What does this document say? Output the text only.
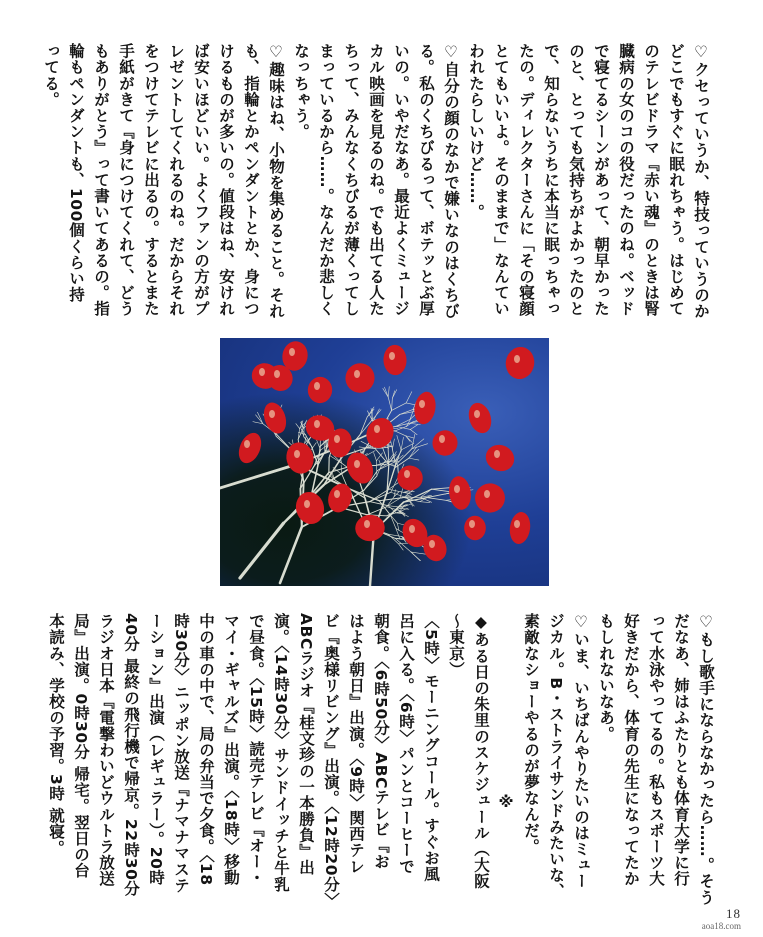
♡クセっていうか、特技っていうのか
どこでもすぐに眠れちゃう。はじめて
のテレビドラマ『赤い魂』のときは腎
臓病の女のコの役だったのね。ベッド
で寝てるシーンがあって、朝早かった
のと、とっても気持ちがよかったのと
で、知らないうちに本当に眠っちゃっ
たの。ディレクターさんに「その寝顔
とてもいいよ。そのままで」なんてい
われたらしいけど……。
♡自分の顔のなかで嫌いなのはくちび
る。私のくちびるって、ボテッとぶ厚
いの。いやだなあ。最近よくミュージ
カル映画を見るのね。でも出てる人た
ちって、みんなくちびるが薄くってし
まっているから……。なんだか悲しく
なっちゃう。
♡趣味はね、小物を集めること。それ
も、指輪とかペンダントとか、身につ
けるものが多いの。値段はね、安けれ
ば安いほどいい。よくファンの方がプ
レゼントしてくれるのね。だからそれ
をつけてテレビに出るの。するとまた
手紙がきて『身につけてくれて、どう
もありがとう』って書いてあるの。指
輪もペンダントも、100個くらい持
ってる。
♡もし歌手にならなかったら……。そう
だなあ、姉はふたりとも体育大学に行
って水泳やってるの。私もスポーツ大
好きだから、体育の先生になってたか
もしれないなあ。
♡いま、いちばんやりたいのはミュー
ジカル。B・ストライサンドみたいな、
素敵なショーやるのが夢なんだ。
※
◆ある日の朱里のスケジュール（大阪
～東京）
〈5時〉モーニングコール。すぐお風
呂に入る。〈6時〉パンとコーヒーで
朝食。〈6時50分〉ABCテレビ『お
はよう朝日』出演。〈9時〉関西テレ
ビ『奥様リビング』出演。〈12時20分〉
ABCラジオ『桂文珍の一本勝負』出
演。〈14時30分〉サンドイッチと牛乳
で昼食。〈15時〉読売テレビ『オー・
マイ・ギャルズ』出演。〈18時〉移動
中の車の中で、局の弁当で夕食。〈18
時30分〉ニッポン放送『ナマナマステ
ーション』出演（レギュラー）。20時
40分 最終の飛行機で帰京。22時30分
ラジオ日本『電撃わいどウルトラ放送
局』出演。0時30分 帰宅。翌日の台
本読み、学校の予習。3時 就寝。
18
aoa18.com
